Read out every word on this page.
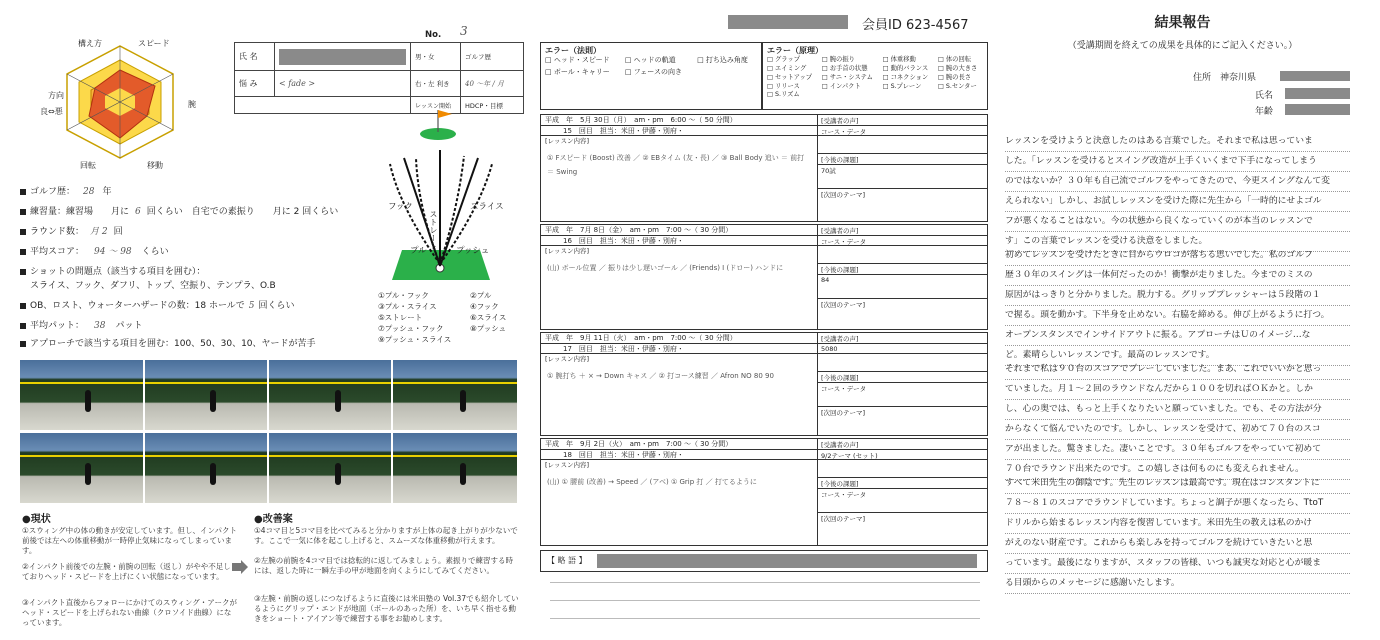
構え方	スピード
腕
移動
回転
方向
良⇔悪
No. 3
氏 名	男・女	ゴルフ歴
悩 み	< fade >	右・左 利き	40 〜年 / 月
レッスン開始	HDCP・目標
フック
ストレート
スライス
プル	プッシュ
①プル・フック	②プル
③プル・スライス	④フック
⑤ストレート	⑥スライス
⑦プッシュ・フック	⑧プッシュ
⑨プッシュ・スライス
ゴルフ歴： 28 年
練習量：練習場　　月に 6 回くらい　自宅での素振り　　月に 2 回くらい
ラウンド数： 月 2 回
平均スコア： 94 〜 98 くらい
ショットの問題点（該当する項目を囲む）：
スライス、フック、ダフリ、トップ、空振り、テンプラ、O.B
OB、ロスト、ウォーターハザードの数：18 ホールで 5 回くらい
平均パット： 38 パット
アプローチで該当する項目を囲む：100、50、30、10、ヤードが苦手
●現状
①スウィング中の体の動きが安定しています。但し、インパクト前後では左への体重移動が一時停止気味になってしまっています。
②インパクト前後での左腕・前腕の回転（返し）がやや不足しておりヘッド・スピードを上げにくい状態になっています。
③インパクト直後からフォローにかけてのスウィング・アークがヘッド・スピードを上げられない曲線（クロソイド曲線）になっています。
●改善案
①4コマ目と5コマ目を比べてみると分かりますが上体の起き上がりが少ないです。ここで一気に体を起こし上げると、スムーズな体重移動が行えます。
②左腕の前腕を4コマ目では捻転的に返してみましょう。素振りで練習する時には、返した時に一瞬左手の甲が地面を向くようにしてみてください。
③左腕・前腕の返しにつなげるように直後には米田塾の Vol.37でも紹介しているようにグリップ・エンドが地面（ボールのあった所）を、いち早く指せる動きをショート・アイアン等で練習する事をお勧めします。
会員ID 623-4567
エラー（法則）
□ ヘッド・スピード	□ ヘッドの軌道	□ 打ち込み角度
□ ボール・キャリー	□ フェースの向き
エラー（原理）
□ グラップ	□ 腕の振り	□ 体重移動	□ 体の回転
□ エイミング	□ お手首の状態	□ 動的バランス	□ 腕の大きさ
□ セットアップ	□ サニ・システム	□ コネクション	□ 腕の長さ
□ リリース	□ インパクト	□ S.プレーン	□ S.センター
□ S.リズム
平成　年　5月 30日（月）　am・pm　6:00 〜（ 50 分間）
15　回目　 担当：米田・伊藤・別府・
[レッスン内容]
① Fスピード (Boost) 改善 ／ ② EBタイム (友・長) ／ ③ Ball Body 追い ＝ 前打 ＝ Swing
[受講者の声]
コース・データ
[今後の課題]
70試
[次回のテーマ]
平成　年　7月 8日（金）　am・pm　7:00 〜（ 30 分間）
16　回目　 担当：米田・伊藤・別府・
[レッスン内容]
(山) ボール位置 ／ 振りは少し遅いゴール ／ (Friends) I (ドロー) ハンドに
[受講者の声]
コース・データ
[今後の課題]
84
[次回のテーマ]
平成　年　9月 11日（火）　am・pm　7:00 〜（ 30 分間）
17　回目　 担当：米田・伊藤・別府・
[レッスン内容]
① 腕打ち ＋ × → Down キャス ／ ② 打コース練習 ／ Afron NO 80 90
[受講者の声]
5080
[今後の課題]
コース・データ
[次回のテーマ]
平成　年　9月 2日（火）　am・pm　7:00 〜（ 30 分間）
18　回目　 担当：米田・伊藤・別府・
[レッスン内容]
(山) ① 腰前 (改善) → Speed ／ (アベ) ① Grip 打 ／ 打てるように
[受講者の声]
9/2テーマ (セット)
[今後の課題]
コース・データ
[次回のテーマ]
【 略 語 】
結果報告
（受講期間を終えての成果を具体的にご記入ください。）
住所　神奈川県
氏名
年齢
レッスンを受けようと決意したのはある言葉でした。それまで私は思っていま
した。「レッスンを受けるとスイング改造が上手くいくまで下手になってしまう
のではないか？３０年も自己流でゴルフをやってきたので、今更スイングなんて変
えられない」しかし、お試しレッスンを受けた際に先生から「一時的にせよゴル
フが悪くなることはない。今の状態から良くなっていくのが本当のレッスンで
す」この言葉でレッスンを受ける決意をしました。
初めてレッスンを受けたときに目からウロコが落ちる思いでした。私のゴルフ
歴３０年のスイングは一体何だったのか！衝撃が走りました。今までのミスの
原因がはっきりと分かりました。脱力する。グリッププレッシャーは５段階の１
で握る。頭を動かす。下半身を止めない。右脇を締める。伸び上がるように打つ。
オープンスタンスでインサイドアウトに振る。アプローチはＵのイメージ…な
ど。素晴らしいレッスンです。最高のレッスンです。
それまで私は９０台のスコアでプレーしていました。まあ、これでいいかと思っ
ていました。月１〜２回のラウンドなんだから１００を切ればＯＫかと。しか
し、心の奥では、もっと上手くなりたいと願っていました。でも、その方法が分
からなくて悩んでいたのです。しかし、レッスンを受けて、初めて７０台のスコ
アが出ました。驚きました。凄いことです。３０年もゴルフをやっていて初めて
７０台でラウンド出来たのです。この嬉しさは何ものにも変えられません。
すべて米田先生の御陰です。先生のレッスンは最高です。現在はコンスタントに
７８〜８１のスコアでラウンドしています。ちょっと調子が悪くなったら、TtoT
ドリルから始まるレッスン内容を復習しています。米田先生の教えは私のかけ
がえのない財産です。これからも楽しみを持ってゴルフを続けていきたいと思
っています。最後になりますが、スタッフの皆様、いつも誠実な対応と心が暖ま
る目頭からのメッセージに感謝いたします。
